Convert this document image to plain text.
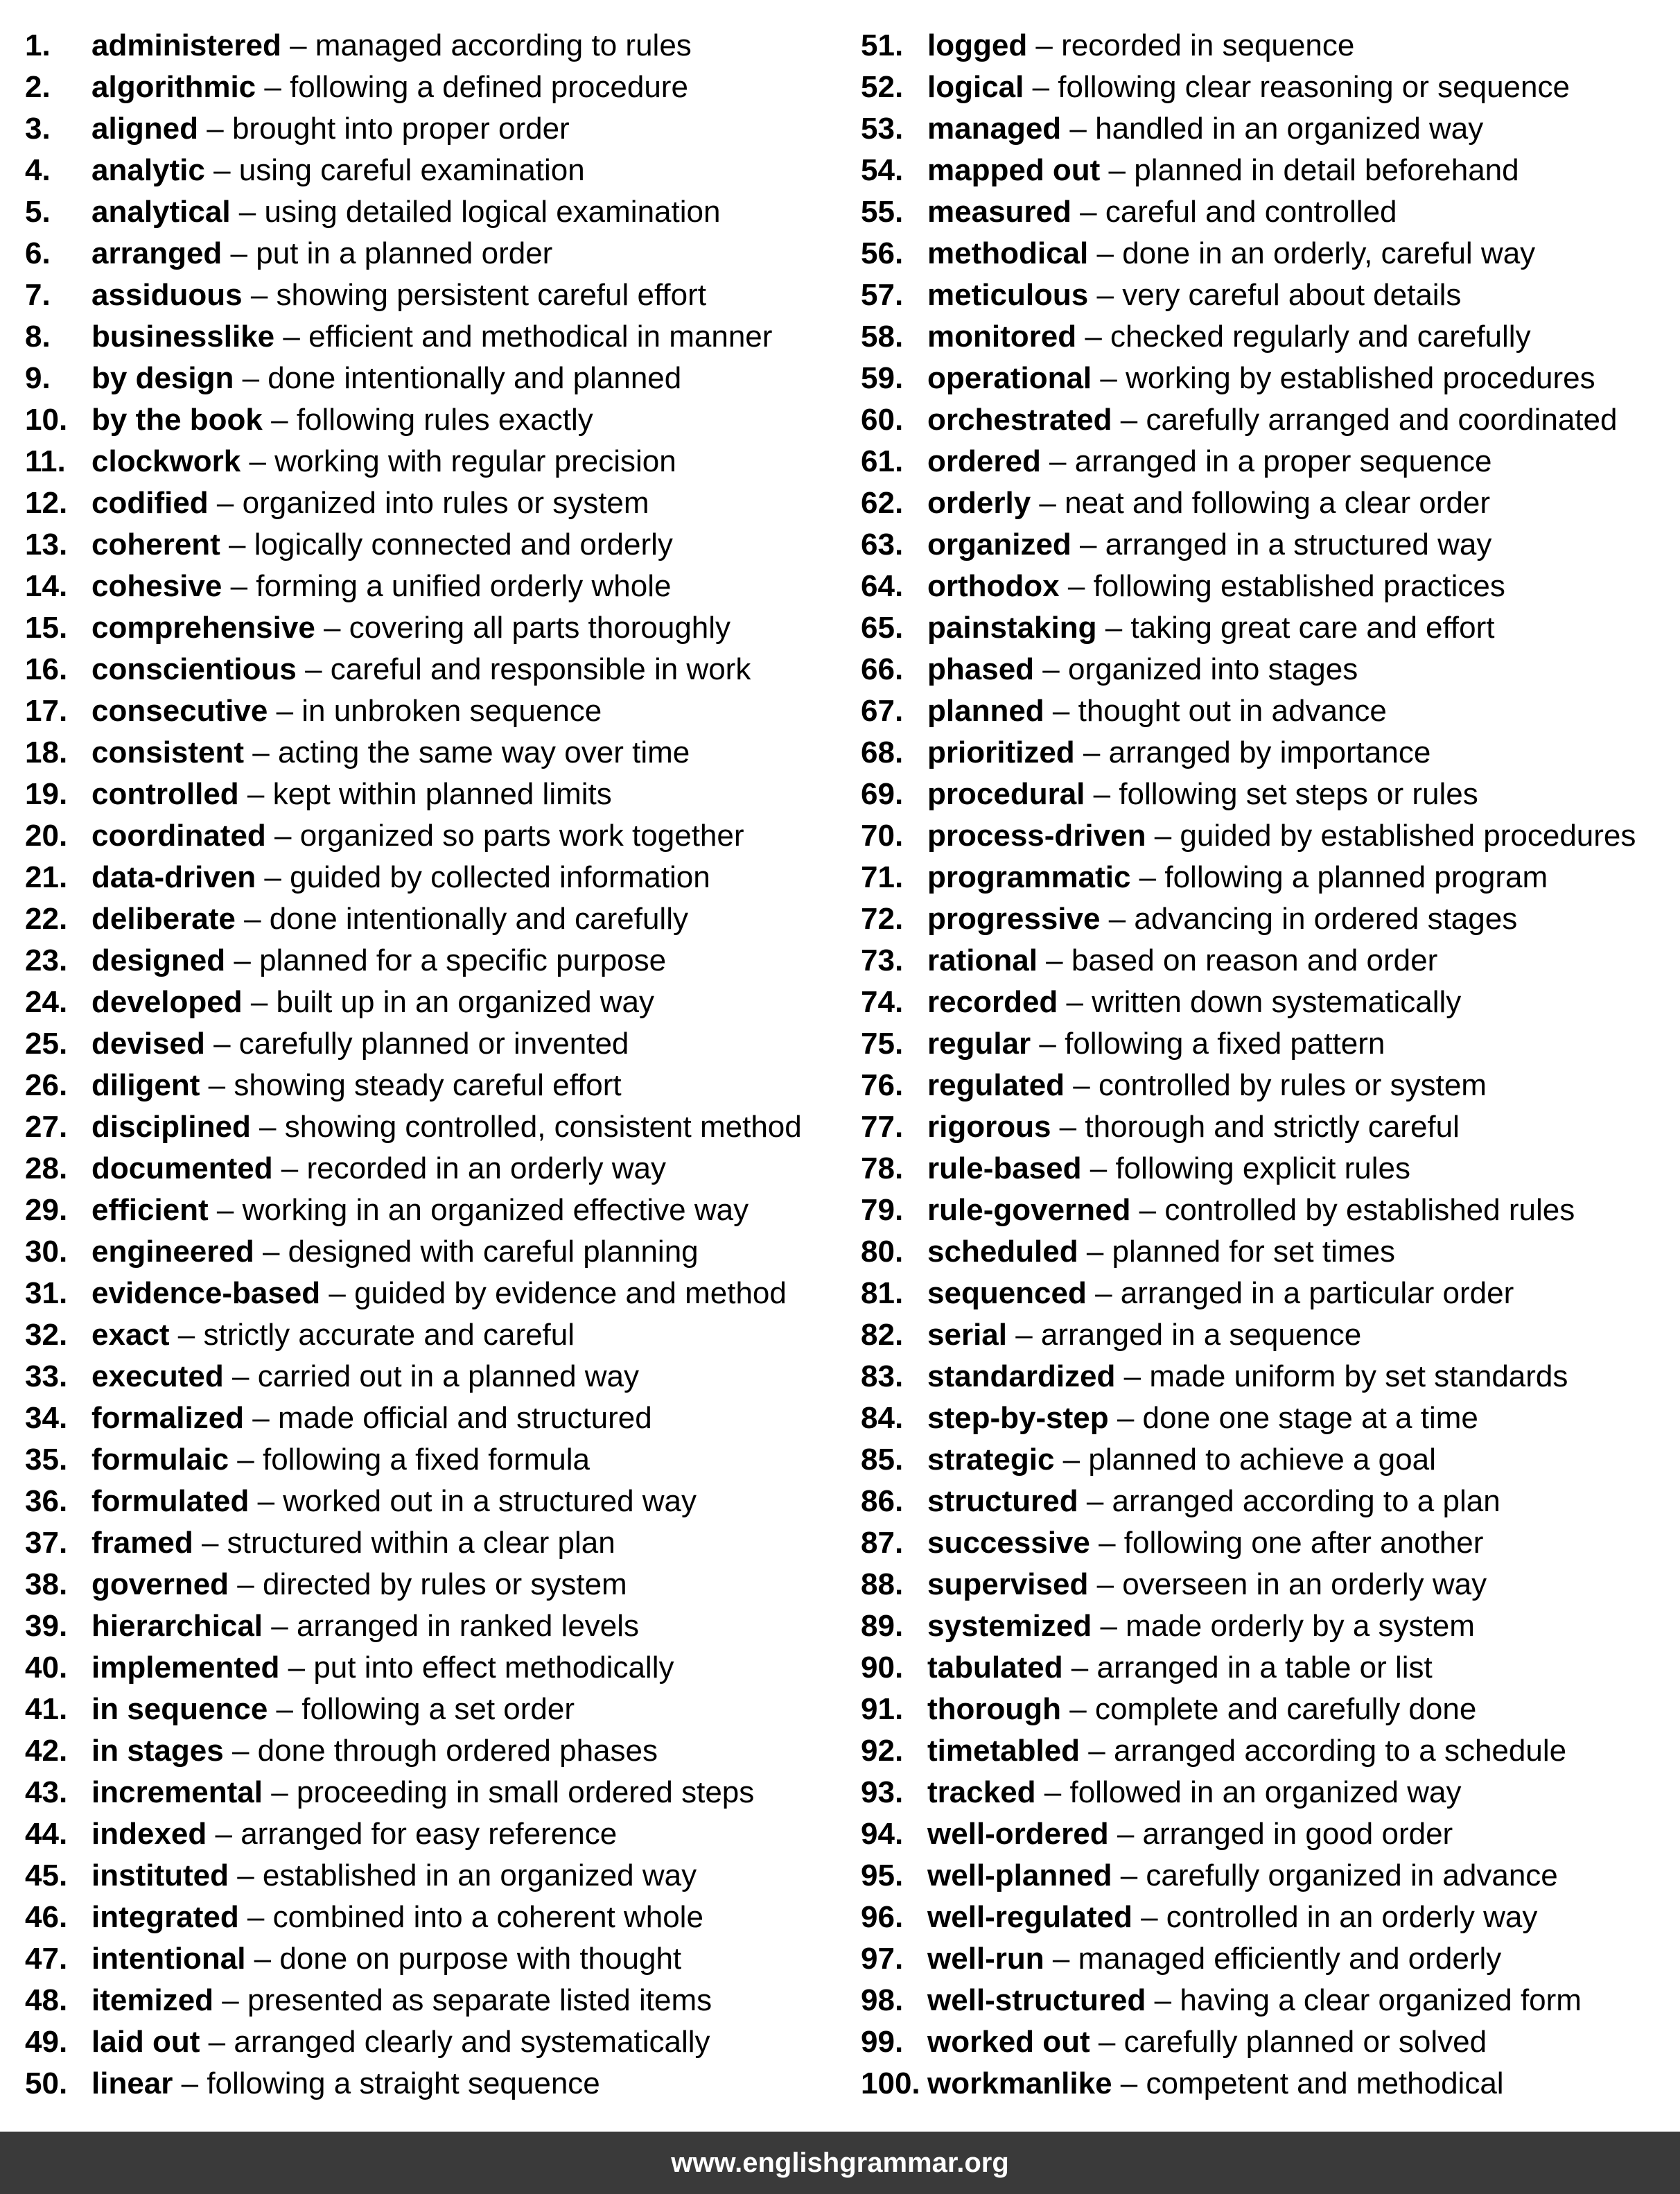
1.	administered – managed according to rules
2.	algorithmic – following a defined procedure
3.	aligned – brought into proper order
4.	analytic – using careful examination
5.	analytical – using detailed logical examination
6.	arranged – put in a planned order
7.	assiduous – showing persistent careful effort
8.	businesslike – efficient and methodical in manner
9.	by design – done intentionally and planned
10. by the book – following rules exactly
11. clockwork – working with regular precision
12. codified – organized into rules or system
13. coherent – logically connected and orderly
14. cohesive – forming a unified orderly whole
15. comprehensive – covering all parts thoroughly
16. conscientious – careful and responsible in work
17. consecutive – in unbroken sequence
18. consistent – acting the same way over time
19. controlled – kept within planned limits
20. coordinated – organized so parts work together
21. data-driven – guided by collected information
22. deliberate – done intentionally and carefully
23. designed – planned for a specific purpose
24. developed – built up in an organized way
25. devised – carefully planned or invented
26. diligent – showing steady careful effort
27. disciplined – showing controlled, consistent method
28. documented – recorded in an orderly way
29. efficient – working in an organized effective way
30. engineered – designed with careful planning
31. evidence-based – guided by evidence and method
32. exact – strictly accurate and careful
33. executed – carried out in a planned way
34. formalized – made official and structured
35. formulaic – following a fixed formula
36. formulated – worked out in a structured way
37. framed – structured within a clear plan
38. governed – directed by rules or system
39. hierarchical – arranged in ranked levels
40. implemented – put into effect methodically
41. in sequence – following a set order
42. in stages – done through ordered phases
43. incremental – proceeding in small ordered steps
44. indexed – arranged for easy reference
45. instituted – established in an organized way
46. integrated – combined into a coherent whole
47. intentional – done on purpose with thought
48. itemized – presented as separate listed items
49. laid out – arranged clearly and systematically
50. linear – following a straight sequence
51. logged – recorded in sequence
52. logical – following clear reasoning or sequence
53. managed – handled in an organized way
54. mapped out – planned in detail beforehand
55. measured – careful and controlled
56. methodical – done in an orderly, careful way
57. meticulous – very careful about details
58. monitored – checked regularly and carefully
59. operational – working by established procedures
60. orchestrated – carefully arranged and coordinated
61. ordered – arranged in a proper sequence
62. orderly – neat and following a clear order
63. organized – arranged in a structured way
64. orthodox – following established practices
65. painstaking – taking great care and effort
66. phased – organized into stages
67. planned – thought out in advance
68. prioritized – arranged by importance
69. procedural – following set steps or rules
70. process-driven – guided by established procedures
71. programmatic – following a planned program
72. progressive – advancing in ordered stages
73. rational – based on reason and order
74. recorded – written down systematically
75. regular – following a fixed pattern
76. regulated – controlled by rules or system
77. rigorous – thorough and strictly careful
78. rule-based – following explicit rules
79. rule-governed – controlled by established rules
80. scheduled – planned for set times
81. sequenced – arranged in a particular order
82. serial – arranged in a sequence
83. standardized – made uniform by set standards
84. step-by-step – done one stage at a time
85. strategic – planned to achieve a goal
86. structured – arranged according to a plan
87. successive – following one after another
88. supervised – overseen in an orderly way
89. systemized – made orderly by a system
90. tabulated – arranged in a table or list
91. thorough – complete and carefully done
92. timetabled – arranged according to a schedule
93. tracked – followed in an organized way
94. well-ordered – arranged in good order
95. well-planned – carefully organized in advance
96. well-regulated – controlled in an orderly way
97. well-run – managed efficiently and orderly
98. well-structured – having a clear organized form
99. worked out – carefully planned or solved
100. workmanlike – competent and methodical
www.englishgrammar.org
